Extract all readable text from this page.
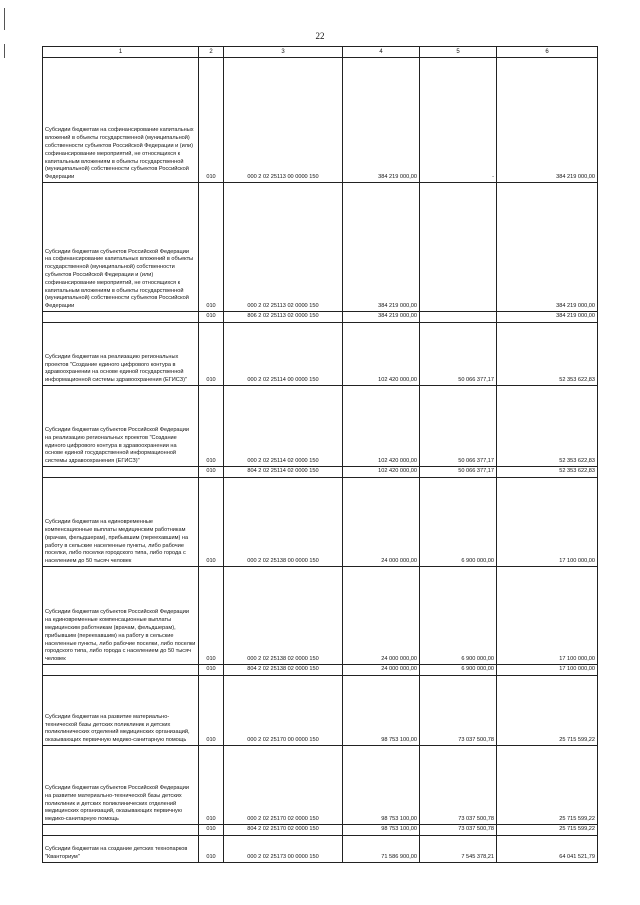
22
1	2	3	4	5	6
Субсидии бюджетам на софинансирование капитальных вложений в объекты государственной (муниципальной) собственности субъектов Российской Федерации и (или) софинансирование мероприятий, не относящихся к капитальным вложениям в объекты государственной (муниципальной) собственности субъектов Российской Федерации	010	000 2 02 25113 00 0000 150	384 219 000,00	-	384 219 000,00
Субсидии бюджетам субъектов Российской Федерации на софинансирование капитальных вложений в объекты государственной (муниципальной) собственности субъектов Российской Федерации и (или) софинансирование мероприятий, не относящихся к капитальным вложениям в объекты государственной (муниципальной) собственности субъектов Российской Федерации	010	000 2 02 25113 02 0000 150	384 219 000,00		384 219 000,00
	010	806 2 02 25113 02 0000 150	384 219 000,00		384 219 000,00
Субсидии бюджетам на реализацию региональных проектов "Создание единого цифрового контура в здравоохранении на основе единой государственной информационной системы здравоохранения (ЕГИСЗ)"	010	000 2 02 25114 00 0000 150	102 420 000,00	50 066 377,17	52 353 622,83
Субсидии бюджетам субъектов Российской Федерации на реализацию региональных проектов "Создание единого цифрового контура в здравоохранении на основе единой государственной информационной системы здравоохранения (ЕГИСЗ)"	010	000 2 02 25114 02 0000 150	102 420 000,00	50 066 377,17	52 353 622,83
	010	804 2 02 25114 02 0000 150	102 420 000,00	50 066 377,17	52 353 622,83
Субсидии бюджетам на единовременные компенсационные выплаты медицинским работникам (врачам, фельдшерам), прибывшим (переехавшим) на работу в сельские населенные пункты, либо рабочие поселки, либо поселки городского типа, либо города с населением до 50 тысяч человек	010	000 2 02 25138 00 0000 150	24 000 000,00	6 900 000,00	17 100 000,00
Субсидии бюджетам субъектов Российской Федерации на единовременные компенсационные выплаты медицинским работникам (врачам, фельдшерам), прибывшим (переехавшим) на работу в сельские населенные пункты, либо рабочие поселки, либо поселки городского типа, либо города с населением до 50 тысяч человек	010	000 2 02 25138 02 0000 150	24 000 000,00	6 900 000,00	17 100 000,00
	010	804 2 02 25138 02 0000 150	24 000 000,00	6 900 000,00	17 100 000,00
Субсидии бюджетам на развитие материально-технической базы детских поликлиник и детских поликлинических отделений медицинских организаций, оказывающих первичную медико-санитарную помощь	010	000 2 02 25170 00 0000 150	98 753 100,00	73 037 500,78	25 715 599,22
Субсидии бюджетам субъектов Российской Федерации на развитие материально-технической базы детских поликлиник и детских поликлинических отделений медицинских организаций, оказывающих первичную медико-санитарную помощь	010	000 2 02 25170 02 0000 150	98 753 100,00	73 037 500,78	25 715 599,22
	010	804 2 02 25170 02 0000 150	98 753 100,00	73 037 500,78	25 715 599,22
Субсидии бюджетам на создание детских технопарков "Кванториум"	010	000 2 02 25173 00 0000 150	71 586 900,00	7 545 378,21	64 041 521,79
